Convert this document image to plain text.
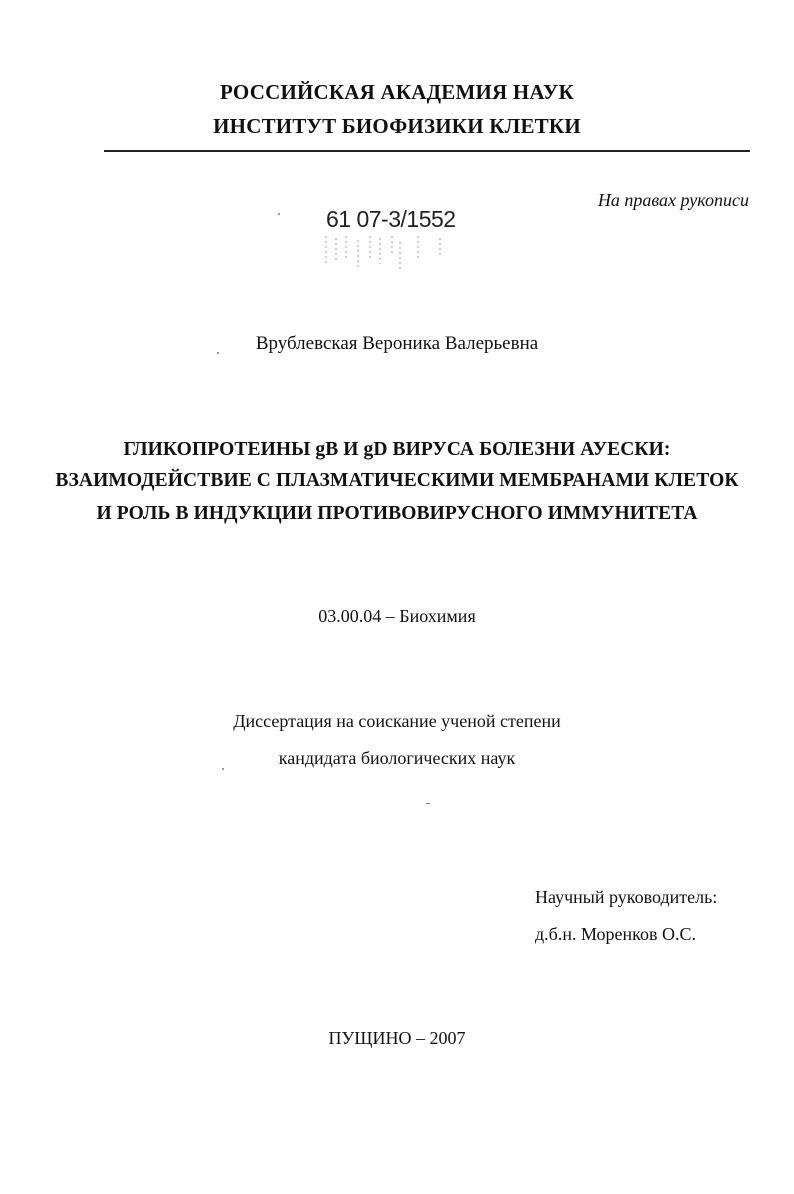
РОССИЙСКАЯ АКАДЕМИЯ НАУК
ИНСТИТУТ БИОФИЗИКИ КЛЕТКИ
На правах рукописи
61 07-3/1552
Врублевская Вероника Валерьевна
ГЛИКОПРОТЕИНЫ gB И gD ВИРУСА БОЛЕЗНИ АУЕСКИ:
ВЗАИМОДЕЙСТВИЕ С ПЛАЗМАТИЧЕСКИМИ МЕМБРАНАМИ КЛЕТОК
И РОЛЬ В ИНДУКЦИИ ПРОТИВОВИРУСНОГО ИММУНИТЕТА
03.00.04 – Биохимия
Диссертация на соискание ученой степени
кандидата биологических наук
Научный руководитель:
д.б.н. Моренков О.С.
ПУЩИНО – 2007
